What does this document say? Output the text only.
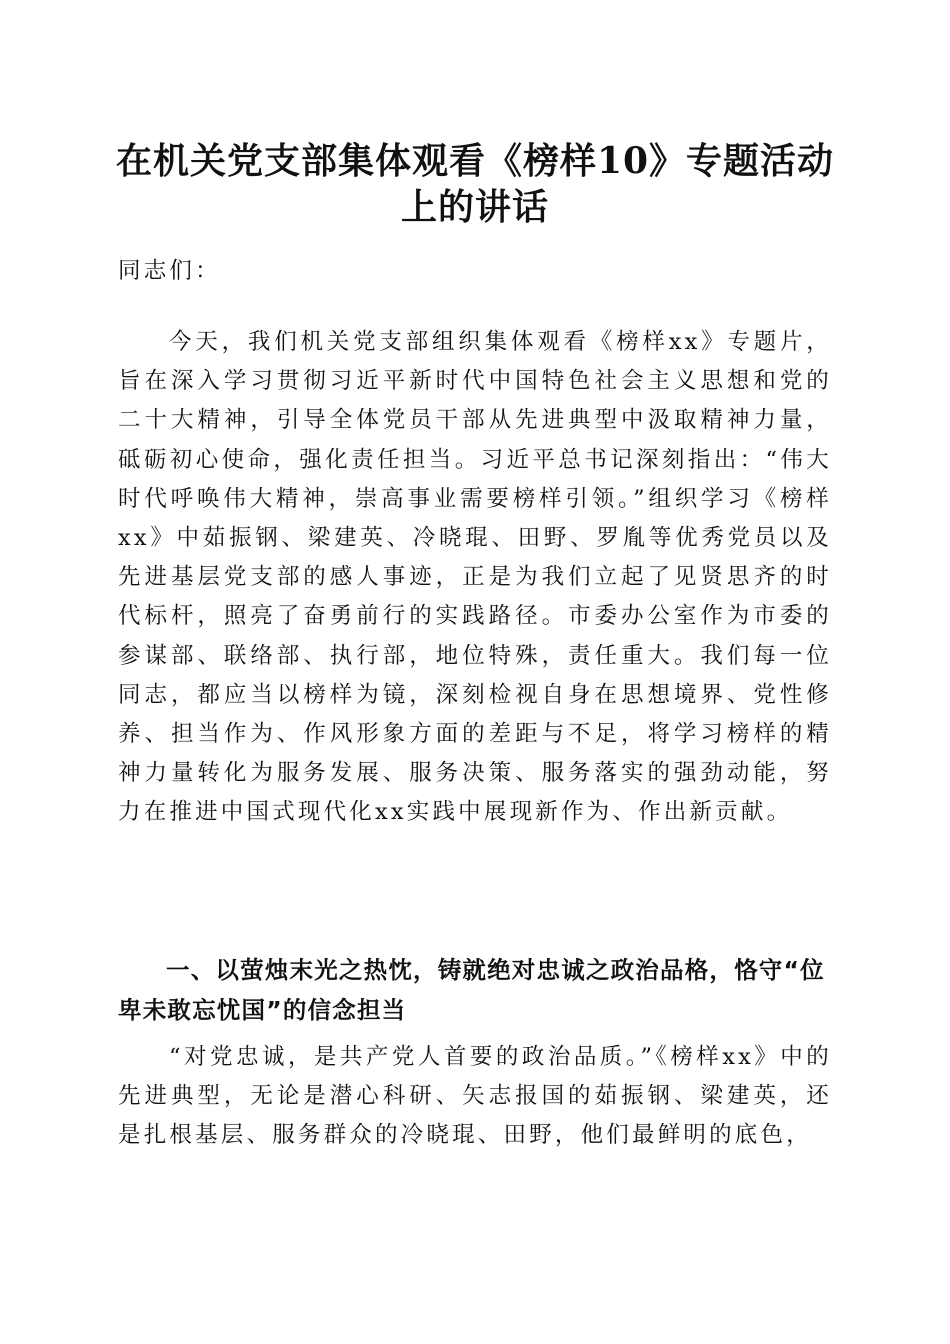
在机关党支部集体观看《榜样10》专题活动
上的讲话

同志们：

今天，我们机关党支部组织集体观看《榜样xx》专题片，旨在深入学习贯彻习近平新时代中国特色社会主义思想和党的二十大精神，引导全体党员干部从先进典型中汲取精神力量，砥砺初心使命，强化责任担当。习近平总书记深刻指出：“伟大时代呼唤伟大精神，崇高事业需要榜样引领。”组织学习《榜样xx》中茹振钢、梁建英、冷晓琨、田野、罗胤等优秀党员以及先进基层党支部的感人事迹，正是为我们立起了见贤思齐的时代标杆，照亮了奋勇前行的实践路径。市委办公室作为市委的参谋部、联络部、执行部，地位特殊，责任重大。我们每一位同志，都应当以榜样为镜，深刻检视自身在思想境界、党性修养、担当作为、作风形象方面的差距与不足，将学习榜样的精神力量转化为服务发展、服务决策、服务落实的强劲动能，努力在推进中国式现代化xx实践中展现新作为、作出新贡献。

一、以萤烛末光之热忱，铸就绝对忠诚之政治品格，恪守“位卑未敢忘忧国”的信念担当

“对党忠诚，是共产党人首要的政治品质。”《榜样xx》中的先进典型，无论是潜心科研、矢志报国的茹振钢、梁建英，还是扎根基层、服务群众的冷晓琨、田野，他们最鲜明的底色，
